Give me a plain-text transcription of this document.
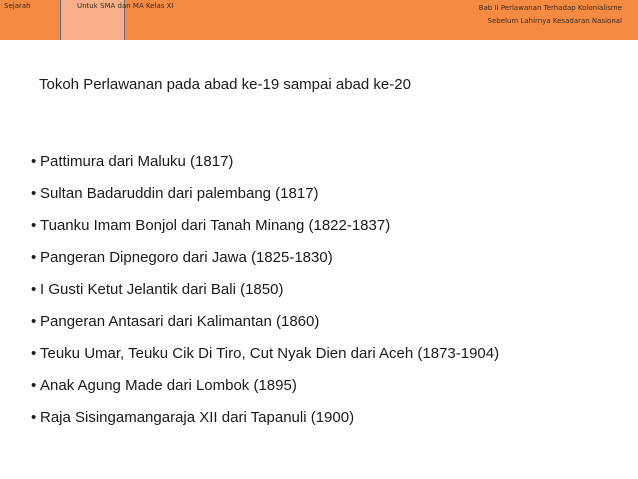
Sejarah	Untuk SMA dan MA Kelas XI	Bab II Perlawanan Terhadap Kolonialisme
Sebelum Lahirnya Kesadaran Nasional
Tokoh Perlawanan pada abad ke-19 sampai abad ke-20
• Pattimura dari Maluku (1817)
• Sultan Badaruddin dari palembang (1817)
• Tuanku Imam Bonjol dari Tanah Minang (1822-1837)
• Pangeran Dipnegoro dari Jawa (1825-1830)
• I Gusti Ketut Jelantik dari Bali (1850)
• Pangeran Antasari dari Kalimantan (1860)
• Teuku Umar, Teuku Cik Di Tiro, Cut Nyak Dien dari Aceh (1873-1904)
• Anak Agung Made dari Lombok (1895)
• Raja Sisingamangaraja XII dari Tapanuli (1900)
